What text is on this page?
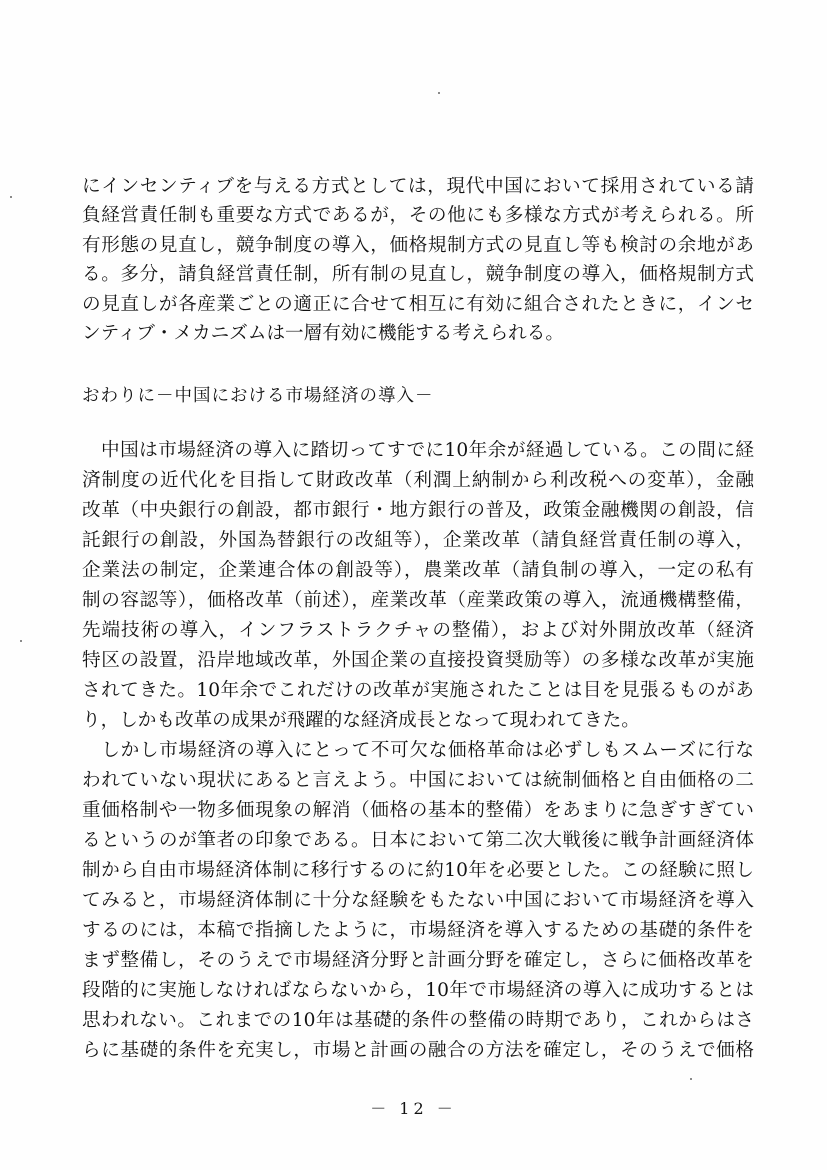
にインセンティブを与える方式としては，現代中国において採用されている請
負経営責任制も重要な方式であるが，その他にも多様な方式が考えられる。所
有形態の見直し，競争制度の導入，価格規制方式の見直し等も検討の余地があ
る。多分，請負経営責任制，所有制の見直し，競争制度の導入，価格規制方式
の見直しが各産業ごとの適正に合せて相互に有効に組合されたときに，インセ
ンティブ・メカニズムは一層有効に機能する考えられる。
おわりに－中国における市場経済の導入－
　中国は市場経済の導入に踏切ってすでに10年余が経過している。この間に経
済制度の近代化を目指して財政改革（利潤上納制から利改税への変革），金融
改革（中央銀行の創設，都市銀行・地方銀行の普及，政策金融機関の創設，信
託銀行の創設，外国為替銀行の改組等），企業改革（請負経営責任制の導入，
企業法の制定，企業連合体の創設等），農業改革（請負制の導入，一定の私有
制の容認等），価格改革（前述），産業改革（産業政策の導入，流通機構整備，
先端技術の導入，インフラストラクチャの整備），および対外開放改革（経済
特区の設置，沿岸地域改革，外国企業の直接投資奨励等）の多様な改革が実施
されてきた。10年余でこれだけの改革が実施されたことは目を見張るものがあ
り，しかも改革の成果が飛躍的な経済成長となって現われてきた。
　しかし市場経済の導入にとって不可欠な価格革命は必ずしもスムーズに行な
われていない現状にあると言えよう。中国においては統制価格と自由価格の二
重価格制や一物多価現象の解消（価格の基本的整備）をあまりに急ぎすぎてい
るというのが筆者の印象である。日本において第二次大戦後に戦争計画経済体
制から自由市場経済体制に移行するのに約10年を必要とした。この経験に照し
てみると，市場経済体制に十分な経験をもたない中国において市場経済を導入
するのには，本稿で指摘したように，市場経済を導入するための基礎的条件を
まず整備し，そのうえで市場経済分野と計画分野を確定し，さらに価格改革を
段階的に実施しなければならないから，10年で市場経済の導入に成功するとは
思われない。これまでの10年は基礎的条件の整備の時期であり，これからはさ
らに基礎的条件を充実し，市場と計画の融合の方法を確定し，そのうえで価格
－ 12 －
